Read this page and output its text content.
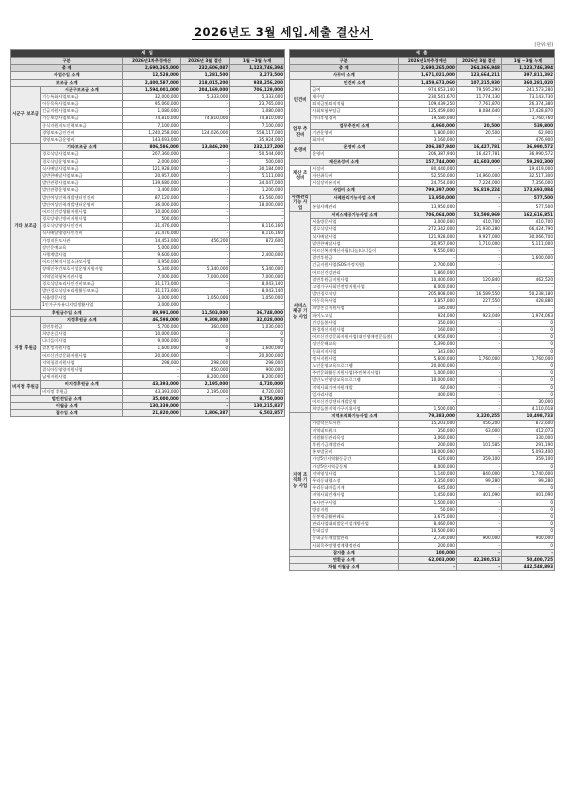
2026년도 3월 세입.세출 결산서
[단위:원]
세 입				
구분		2026년1차추경예산	2026년 3월 결산	1월 ~3월 누계
총 계		2,690,265,000	232,606,087	1,123,746,394
사업수입 소계		12,528,000	1,281,500	3,273,500
보조금 소계		2,400,587,000	218,015,200	938,256,200
시군구 보조금	시군구보조금 소계	1,594,001,000	204,169,000	706,129,000
	기능특화사업보조금	32,000,000	5,333,000	5,333,000
	이동목욕사업보조금	95,060,000	-	23,765,000
	긴급지원사업보조금	1,080,000	-	1,080,000
	기능보강사업보조금	74,810,000	74,810,000	74,810,000
	중식지원지도인력보조금	7,100,000	-	7,100,000
	경영보조금인건비	1,240,258,000	124,026,000	558,117,000
	경영보조금운영비	143,693,000	-	35,924,000
기타 보조금	기타보조금 소계	806,586,000	13,846,200	232,127,200
	경로식당사업보조금	207,360,000	-	50,544,000
	경로식당운영보조금	2,000,000	-	500,000
	식사배달사업보조금	121,928,000	-	30,184,000
	밑반찬배달사업보조금	20,957,000	-	5,111,000
	발안관광사업보조금	139,680,000	-	34,047,000
	발안관광운영보조금	3,400,000	-	1,200,000
	발안여성인력개발센터인건비	87,120,000	-	43,560,000
	발안여성인력개발센터운영비	36,000,000	-	18,000,000
	어르신건강생활지원사업	10,000,000	-	-
	경로당냉난방비지원사업	500,000	-	-
	경로식당영양사인건비	31,476,000	-	8,116,160
	식사배달영양사인건비	31,476,000	-	8,116,160
	가정직은도사관	14,453,000	456,200	872,600
	장인문예교육	5,000,000	-	-
	시행계발사업	9,600,000	-	2,400,000
	어르신복지시설소규모사업	4,950,000	-	-
	장애인주간보호시설운영지원사업	5,340,000	5,340,000	5,340,000
	지역밀착형복지관사업	7,000,000	7,000,000	7,000,000
	경로식당조리사인건비보조금	31,173,000	-	8,043,140
	발안경로식당조리원활동보조금	31,173,000	-	8,043,140
	서울방문사업	3,000,000	1,050,000	1,050,000
	1인가구자유디지털생활사업	3,000,000	-	-
후원금수입 소계		89,991,000	11,503,000	36,748,000
지정 후원금	지정후원금 소계	46,598,000	9,308,000	32,028,000
	결연후원금	5,700,000	360,000	1,030,000
	희망손길사업	10,000,000	-	0
	나너들이사업	9,000,000	0	0
	결혼정지원사업	1,600,000	0	1,600,000
	어르신건강문화지원사업	20,000,000	-	20,000,000
	지역청결지원사업	298,000	298,000	298,000
	결식아동영양지원사업	-	450,000	900,000
	납세지원사업	-	8,200,000	8,200,000
비지정 후원금	비지정후원금 소계	43,393,000	2,195,000	4,720,000
	비지정 후원금	43,393,000	2,195,000	4,720,000
법인전입금 소계		35,000,000	-	8,750,000
이월금 소계		130,339,000	-	130,215,837
잡수입 소계		21,820,000	1,806,387	6,502,857
세 출				
구분		2026년1차추경예산	2026년 3월 결산	1월 ~3월 누계
총 계		2,690,265,000	264,366,948	1,123,746,394
사무비 소계		1,671,021,000	123,664,211	397,811,392
인건비	인건비 소계	1,459,673,060	107,215,930	360,281,020
	급여	974,653,140	79,595,290	241,573,280
	제수당	230,541,670	11,774,130	73,143,730
	퇴직금및퇴직적립	109,439,250	7,761,870	26,374,380
	사회보험부담금	125,459,000	8,084,640	17,428,870
	기타후생경비	19,580,000	-	1,760,760
업무 추진비	업무추진비 소계	4,960,000	20,500	539,800
	기관운영비	1,800,000	20,500	62,900
	회의비	3,160,000	-	476,900
운영비	운영비 소계	206,387,940	16,427,781	36,990,572
	운영비	206,387,940	16,427,781	36,990,572
재산조성비 소계		157,744,000	41,603,000	59,292,300
재산 조성비	시설비	80,440,000	-	19,419,000
	자산취득비	52,550,000	14,960,000	32,517,300
	시설장비유지비	24,754,000	7,224,000	7,356,000
사업비 소계		799,397,000	56,819,224	173,693,084
사례관리기능 사업	사례관리기능사업 소계	13,950,000	-	577,500
	통합사례관리	13,950,000	-	577,500
서비스 제공 기능 사업	서비스제공기능사업 소계	706,064,000	53,598,969	162,616,851
	서울방문사업	3,000,000	410,700	410,700
	경로식당사업	272,342,000	21,930,280	66,424,790
	식사배달사업	121,928,000	9,927,000	30,066,700
	밑반찬배달사업	20,957,000	1,710,000	5,111,000
	어르신복지예산자립(나눔)나너들이	9,550,000	-	-
	결연후원금	-	-	1,600,000
	긴급지원사업(SOS가정지원)	2,700,000	-	-
	어르신건강관리	1,860,000	-	-
	결연후원금지원사업	10,400,000	120,840	462,520
	고령가구사회안전망지원사업	8,000,000	-	-
	발안경로식당	205,808,000	16,589,550	50,238,180
	이동목욕사업	3,857,000	227,550	428,880
	희망손길지원사업	185,000	-	-
	파이노고싶	924,000	923,049	1,974,063
	건강돌봄사업	350,000	-	0
	환경개선지원사업	160,000	-	0
	어르신건강문화지원사업(대인생애전문돌봄)	4,950,000	-	0
	성인문해교육	5,390,000	-	0
	동화지지사업	343,000	-	0
	정서지원사업	5,600,000	1,760,000	1,760,000
	노인운영교육프로그램	20,000,000	-	0
	주민문화활동지원사업(주민복지사업)	1,000,000	-	0
	발안노인영양교육프로그램	10,000,000	-	0
	지역사회기여자원개발	60,000	-	0
	일자리사업	400,000	-	0
	어르신건강센터개발운영	-	-	30,000
	희망돌봄지역가구키위사업	1,500,000	-	4,110,018
지역 조직화 기능 사업	지역조직화기능사업 소계	79,383,000	3,220,255	10,498,733
	가람작은도서관	15,203,000	456,200	872,600
	지역네트워크	350,000	63,000	412,073
	지원활동관리육성	3,060,000	-	330,000
	후원기금개발관리	200,000	101,585	291,190
	홍보발굴비	18,000,000	-	5,093,400
	가장5인지역활동공간	620,000	359,100	359,100
	가장5단지역공동체	8,000,000	-	0
	지역영성사업	1,140,000	840,000	1,740,000
	우리동네헬스장	3,350,000	99,280	99,280
	우리동네마을거게	645,000	-	0
	지역사회인재사업	1,450,000	401,090	401,090
	조사연구사업	1,500,000	-	0
	방송지원	50,000	-	0
	동봉제공활판레포	3,675,000	-	0
	관리사업대외발운시설개방사업	8,460,000	-	0
	동네김장	10,500,000	-	0
	동네공동개발발관리	2,730,000	900,000	900,000
	사회목주망행정계행정관리	200,000	-	0
잡지출 소계		100,000	-	-
반환금 소계		62,003,000	42,280,513	50,400,725
차월 이월금 소계		-	-	442,548,893
